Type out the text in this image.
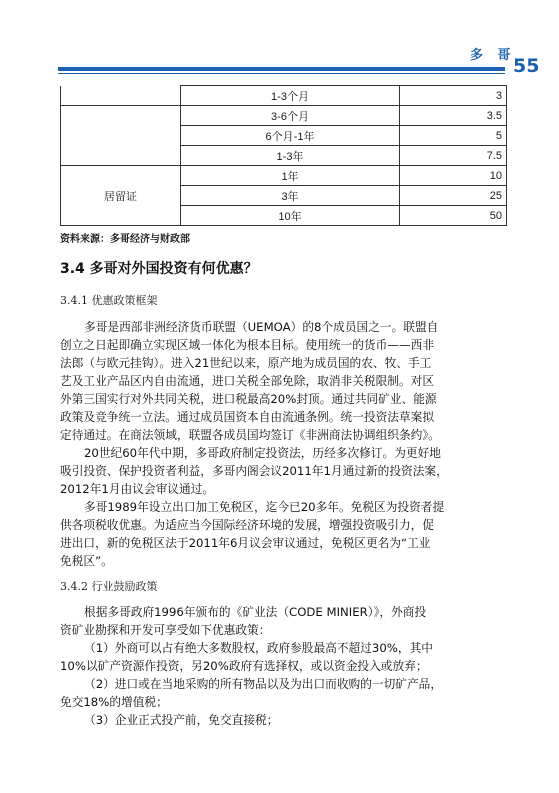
多 哥
55
	1-3个月	3
	3-6个月	3.5
	6个月-1年	5
	1-3年	7.5
	1年	10
居留证	3年	25
	10年	50
资料来源：多哥经济与财政部
3.4 多哥对外国投资有何优惠？
3.4.1 优惠政策框架
多哥是西部非洲经济货币联盟（UEMOA）的8个成员国之一。联盟自
创立之日起即确立实现区域一体化为根本目标。使用统一的货币——西非
法郎（与欧元挂钩）。进入21世纪以来，原产地为成员国的农、牧、手工
艺及工业产品区内自由流通，进口关税全部免除，取消非关税限制。对区
外第三国实行对外共同关税，进口税最高20%封顶。通过共同矿业、能源
政策及竞争统一立法。通过成员国资本自由流通条例。统一投资法草案拟
定待通过。在商法领域，联盟各成员国均签订《非洲商法协调组织条约》。
20世纪60年代中期，多哥政府制定投资法，历经多次修订。为更好地
吸引投资、保护投资者利益，多哥内阁会议2011年1月通过新的投资法案，
2012年1月由议会审议通过。
多哥1989年设立出口加工免税区，迄今已20多年。免税区为投资者提
供各项税收优惠。为适应当今国际经济环境的发展，增强投资吸引力，促
进出口，新的免税区法于2011年6月议会审议通过，免税区更名为“工业
免税区”。
3.4.2 行业鼓励政策
根据多哥政府1996年颁布的《矿业法（CODE MINIER）》，外商投
资矿业勘探和开发可享受如下优惠政策：
（1）外商可以占有绝大多数股权，政府参股最高不超过30%，其中
10%以矿产资源作投资，另20%政府有选择权，或以资金投入或放弃；
（2）进口或在当地采购的所有物品以及为出口而收购的一切矿产品，
免交18%的增值税；
（3）企业正式投产前，免交直接税；
